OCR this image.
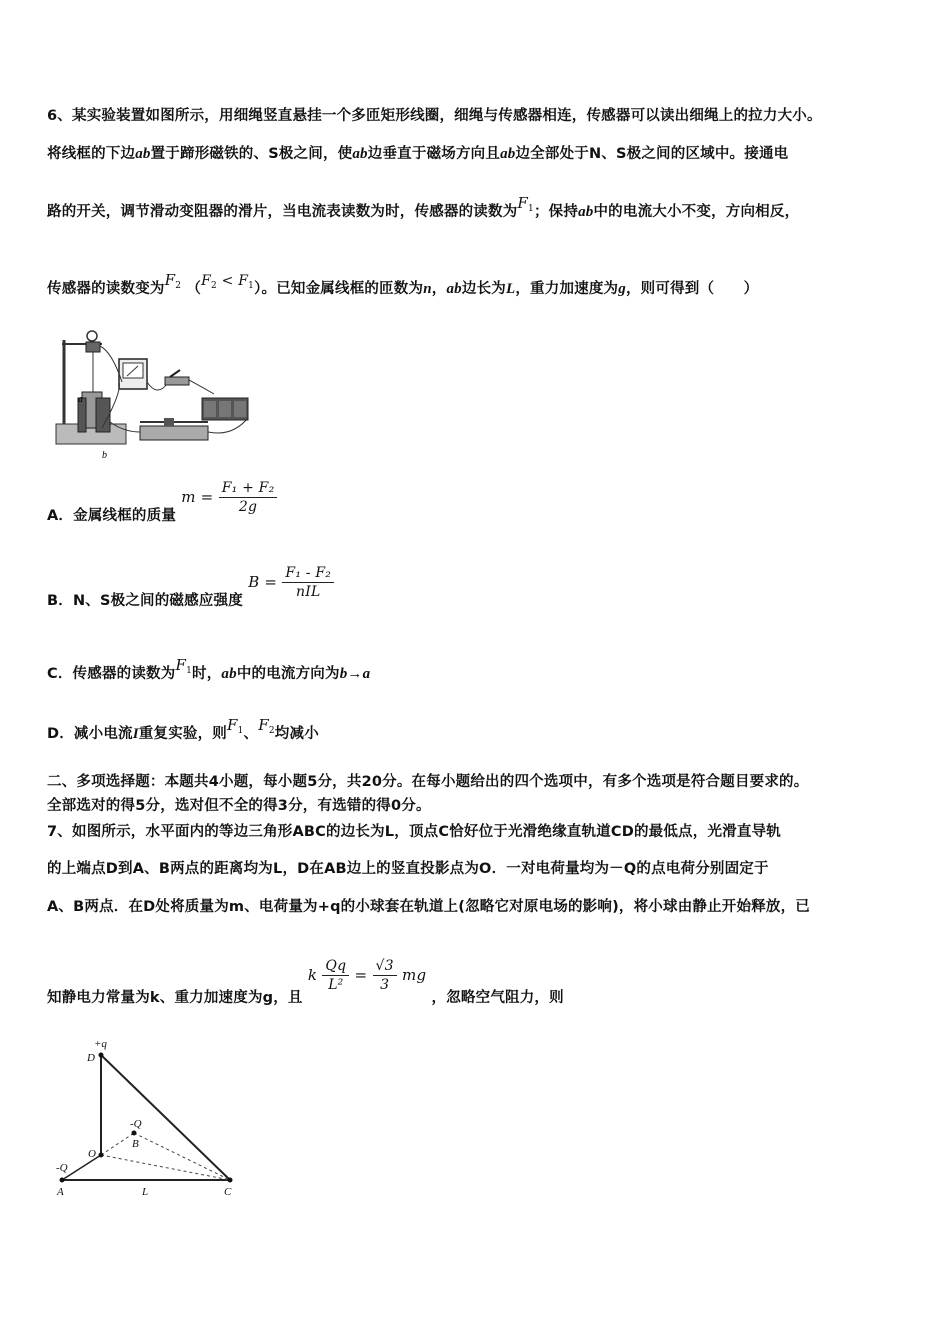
6、某实验装置如图所示，用细绳竖直悬挂一个多匝矩形线圈，细绳与传感器相连，传感器可以读出细绳上的拉力大小。
将线框的下边ab置于蹄形磁铁的、S极之间，使ab边垂直于磁场方向且ab边全部处于N、S极之间的区域中。接通电
路的开关，调节滑动变阻器的滑片，当电流表读数为时，传感器的读数为$F_1$；保持ab中的电流大小不变，方向相反，
传感器的读数变为$F_2$ $(F_2 < F_1)$。已知金属线框的匝数为n，ab边长为L，重力加速度为g，则可得到（　　）
a
b
A．金属线框的质量 $m = \frac{\text{F₁ + F₂}}{2g}$
B．N、S极之间的磁感应强度 $B = \frac{\text{F₁ - F₂}}{\text{nIL}}$
C．传感器的读数为$F_1$时，ab中的电流方向为b→a
D．减小电流I重复实验，则$F_1$、$F_2$均减小
二、多项选择题：本题共4小题，每小题5分，共20分。在每小题给出的四个选项中，有多个选项是符合题目要求的。
全部选对的得5分，选对但不全的得3分，有选错的得0分。
7、如图所示，水平面内的等边三角形ABC的边长为L，顶点C恰好位于光滑绝缘直轨道CD的最低点，光滑直导轨
的上端点D到A、B两点的距离均为L，D在AB边上的竖直投影点为O．一对电荷量均为－Q的点电荷分别固定于
A、B两点．在D处将质量为m、电荷量为+q的小球套在轨道上(忽略它对原电场的影响)，将小球由静止开始释放，已
知静电力常量为k、重力加速度为g，且 k $\frac{Qq}{\text{L²}} = \frac{√3}{3}$ mg ，忽略空气阻力，则
+q
D
-Q
B
O
-Q
A	L	C
